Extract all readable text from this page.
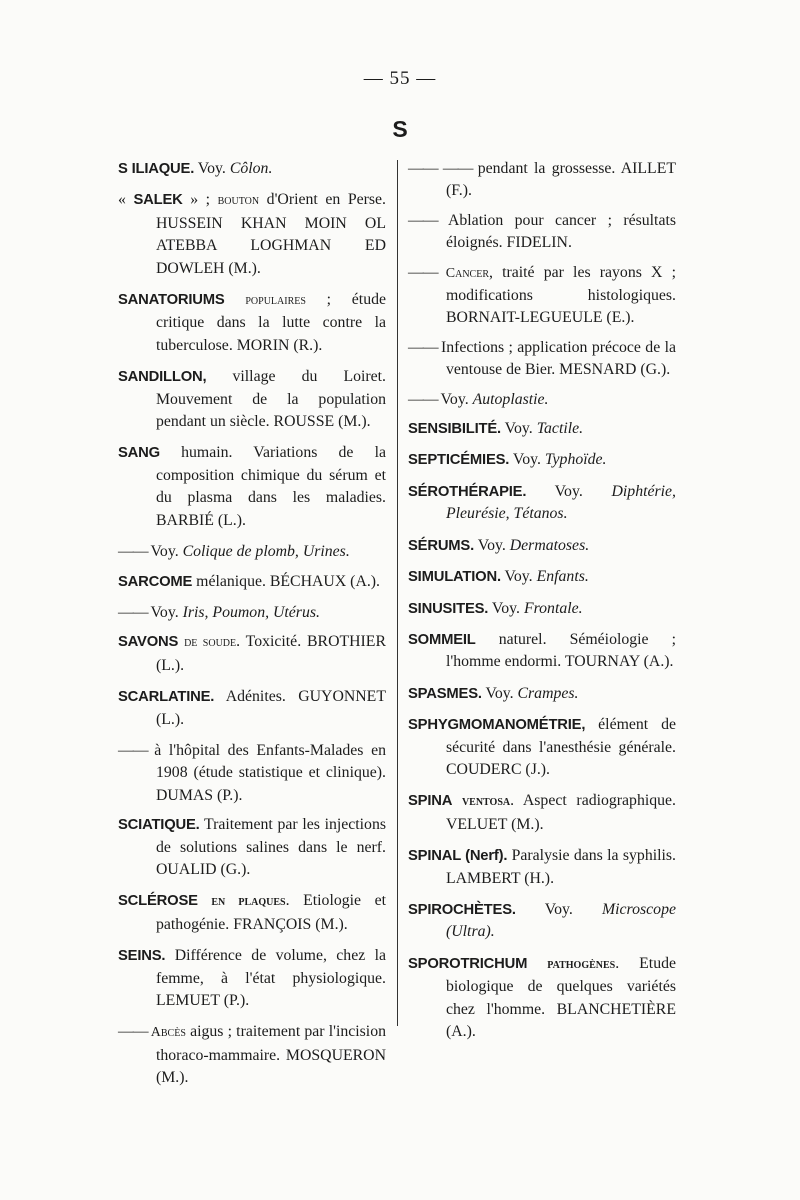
— 55 —
S

S ILIAQUE. Voy. Côlon.

« SALEK » ; bouton d'Orient en Perse. HUSSEIN KHAN MOIN OL ATEBBA LOGHMAN ED DOWLEH (M.).

SANATORIUMS populaires ; étude critique dans la lutte contre la tuberculose. MORIN (R.).

SANDILLON, village du Loiret. Mouvement de la population pendant un siècle. ROUSSE (M.).

SANG humain. Variations de la composition chimique du sérum et du plasma dans les maladies. BARBIÉ (L.).

—— Voy. Colique de plomb, Urines.

SARCOME mélanique. BÉCHAUX (A.).

—— Voy. Iris, Poumon, Utérus.

SAVONS de soude. Toxicité. BROTHIER (L.).

SCARLATINE. Adénites. GUYONNET (L.).

—— à l'hôpital des Enfants-Malades en 1908 (étude statistique et clinique). DUMAS (P.).

SCIATIQUE. Traitement par les injections de solutions salines dans le nerf. OUALID (G.).

SCLÉROSE en plaques. Etiologie et pathogénie. FRANÇOIS (M.).

SEINS. Différence de volume, chez la femme, à l'état physiologique. LEMUET (P.).

—— Abcès aigus ; traitement par l'incision thoraco-mammaire. MOSQUERON (M.).

—— —— pendant la grossesse. AILLET (F.).

—— Ablation pour cancer ; résultats éloignés. FIDELIN.

—— Cancer, traité par les rayons X ; modifications histologiques. BORNAIT-LEGUEULE (E.).

—— Infections ; application précoce de la ventouse de Bier. MESNARD (G.).

—— Voy. Autoplastie.

SENSIBILITÉ. Voy. Tactile.

SEPTICÉMIES. Voy. Typhoïde.

SÉROTHÉRAPIE. Voy. Diphtérie, Pleurésie, Tétanos.

SÉRUMS. Voy. Dermatoses.

SIMULATION. Voy. Enfants.

SINUSITES. Voy. Frontale.

SOMMEIL naturel. Séméiologie ; l'homme endormi. TOURNAY (A.).

SPASMES. Voy. Crampes.

SPHYGMOMANOMÉTRIE, élément de sécurité dans l'anesthésie générale. COUDERC (J.).

SPINA ventosa. Aspect radiographique. VELUET (M.).

SPINAL (Nerf). Paralysie dans la syphilis. LAMBERT (H.).

SPIROCHÈTES. Voy. Microscope (Ultra).

SPOROTRICHUM pathogènes. Etude biologique de quelques variétés chez l'homme. BLANCHETIÈRE (A.).
